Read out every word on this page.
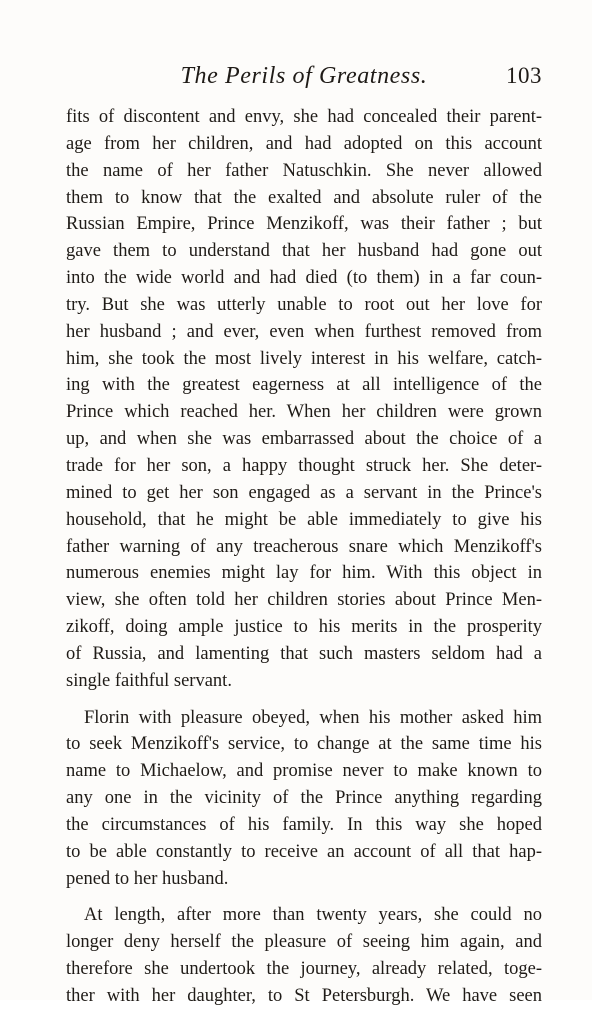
The Perils of Greatness.	103
fits of discontent and envy, she had concealed their parent-
age from her children, and had adopted on this account
the name of her father Natuschkin. She never allowed
them to know that the exalted and absolute ruler of the
Russian Empire, Prince Menzikoff, was their father ; but
gave them to understand that her husband had gone out
into the wide world and had died (to them) in a far coun-
try. But she was utterly unable to root out her love for
her husband ; and ever, even when furthest removed from
him, she took the most lively interest in his welfare, catch-
ing with the greatest eagerness at all intelligence of the
Prince which reached her. When her children were grown
up, and when she was embarrassed about the choice of a
trade for her son, a happy thought struck her. She deter-
mined to get her son engaged as a servant in the Prince's
household, that he might be able immediately to give his
father warning of any treacherous snare which Menzikoff's
numerous enemies might lay for him. With this object in
view, she often told her children stories about Prince Men-
zikoff, doing ample justice to his merits in the prosperity
of Russia, and lamenting that such masters seldom had a
single faithful servant.
Florin with pleasure obeyed, when his mother asked him
to seek Menzikoff's service, to change at the same time his
name to Michaelow, and promise never to make known to
any one in the vicinity of the Prince anything regarding
the circumstances of his family. In this way she hoped
to be able constantly to receive an account of all that hap-
pened to her husband.
At length, after more than twenty years, she could no
longer deny herself the pleasure of seeing him again, and
therefore she undertook the journey, already related, toge-
ther with her daughter, to St Petersburgh. We have seen
